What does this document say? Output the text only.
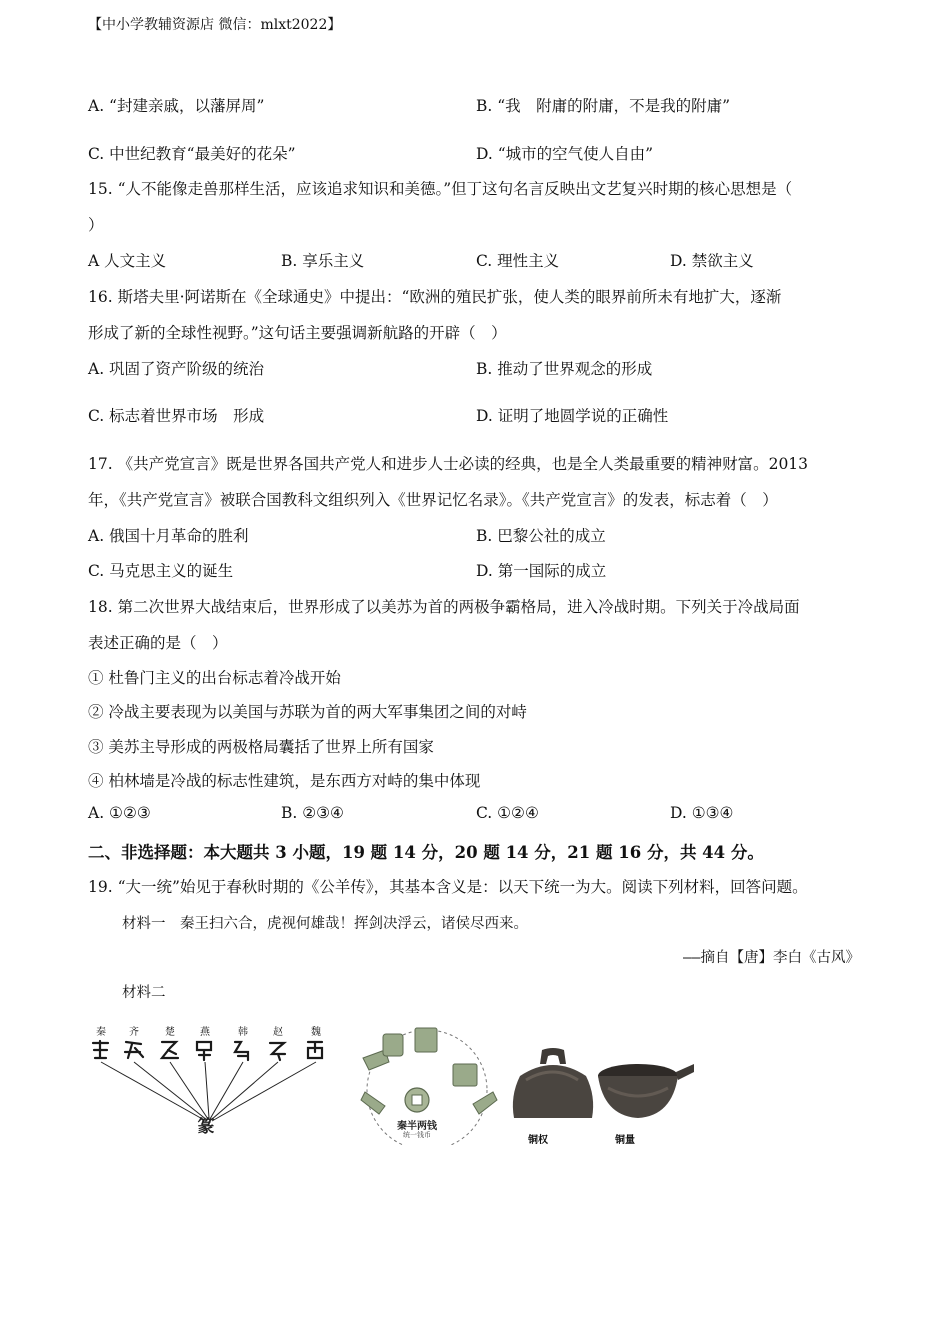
【中小学教辅资源店 微信：mlxt2022】
A. “封建亲戚，以藩屏周”	B. “我　附庸的附庸，不是我的附庸”
C. 中世纪教育“最美好的花朵”	D. “城市的空气使人自由”
15. “人不能像走兽那样生活，应该追求知识和美德。”但丁这句名言反映出文艺复兴时期的核心思想是（
）
A 人文主义	B. 享乐主义	C. 理性主义	D. 禁欲主义
16. 斯塔夫里·阿诺斯在《全球通史》中提出：“欧洲的殖民扩张，使人类的眼界前所未有地扩大，逐渐
形成了新的全球性视野。”这句话主要强调新航路的开辟（　）
A. 巩固了资产阶级的统治	B. 推动了世界观念的形成
C. 标志着世界市场　形成	D. 证明了地圆学说的正确性
17. 《共产党宣言》既是世界各国共产党人和进步人士必读的经典，也是全人类最重要的精神财富。2013
年，《共产党宣言》被联合国教科文组织列入《世界记忆名录》。《共产党宣言》的发表，标志着（　）
A. 俄国十月革命的胜利	B. 巴黎公社的成立
C. 马克思主义的诞生	D. 第一国际的成立
18. 第二次世界大战结束后，世界形成了以美苏为首的两极争霸格局，进入冷战时期。下列关于冷战局面
表述正确的是（　）
① 杜鲁门主义的出台标志着冷战开始
② 冷战主要表现为以美国与苏联为首的两大军事集团之间的对峙
③ 美苏主导形成的两极格局囊括了世界上所有国家
④ 柏林墙是冷战的标志性建筑，是东西方对峙的集中体现
A. ①②③	B. ②③④	C. ①②④	D. ①③④
二、非选择题：本大题共 3 小题，19 题 14 分，20 题 14 分，21 题 16 分，共 44 分。
19. “大一统”始见于春秋时期的《公羊传》，其基本含义是：以天下统一为大。阅读下列材料，回答问题。
材料一　秦王扫六合，虎视何雄哉！挥剑决浮云，诸侯尽西来。
——摘自【唐】李白《古风》
材料二
篆
秦 齐	楚	燕	韩	赵	魏
秦半两钱
统一钱币	铜权	铜量
